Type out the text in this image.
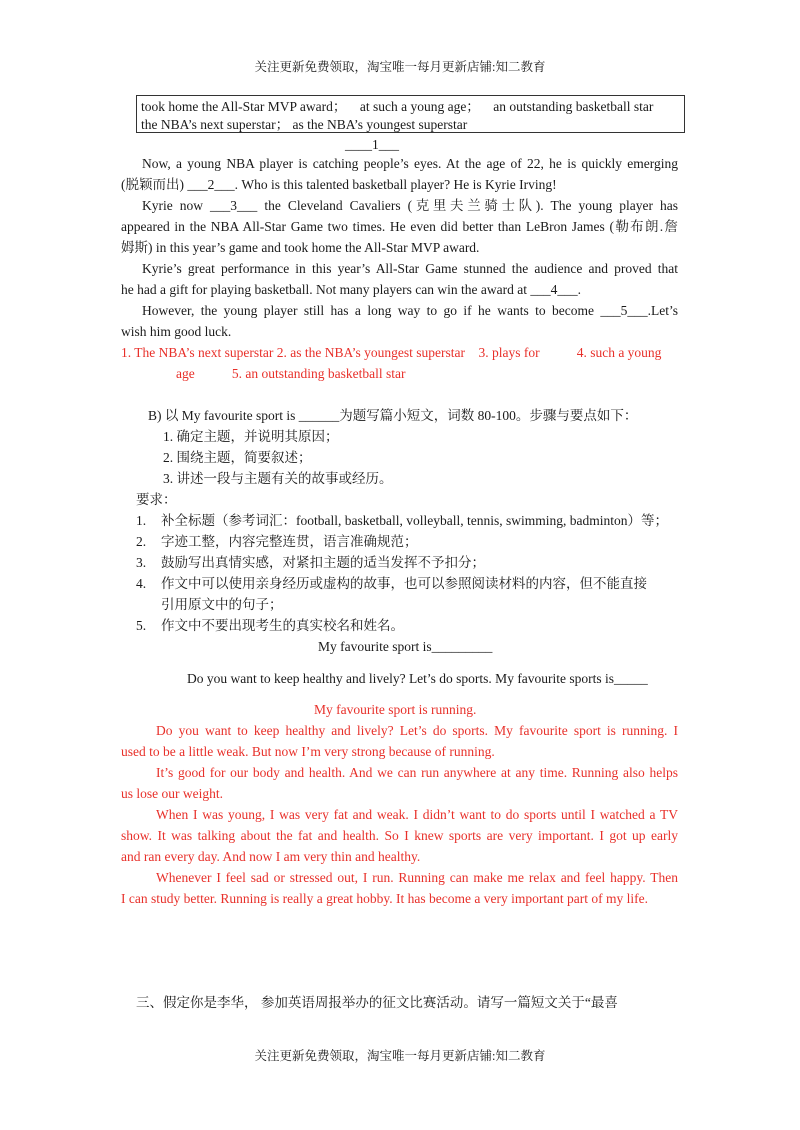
关注更新免费领取，淘宝唯一每月更新店铺:知二教育
took home the All-Star MVP award；    at such a young age；    an outstanding basketball star
the NBA’s next superstar； as the NBA’s youngest superstar
____1___
Now, a young NBA player is catching people’s eyes. At the age of 22, he is quickly emerging
(脱颖而出) ___2___. Who is this talented basketball player? He is Kyrie Irving!
Kyrie now ___3___ the Cleveland Cavaliers (克里夫兰骑士队). The young player has
appeared in the NBA All-Star Game two times. He even did better than LeBron James (勒布朗.詹
姆斯) in this year’s game and took home the All-Star MVP award.
Kyrie’s great performance in this year’s All-Star Game stunned the audience and proved that
he had a gift for playing basketball. Not many players can win the award at ___4___.
However, the young player still has a long way to go if he wants to become ___5___.Let’s
wish him good luck.
1. The NBA’s next superstar 2. as the NBA’s youngest superstar    3. plays for           4. such a young
age           5. an outstanding basketball star
B) 以 My favourite sport is ______为题写篇小短文，词数 80-100。步骤与要点如下：
1. 确定主题，并说明其原因；
2. 围绕主题，简要叙述；
3. 讲述一段与主题有关的故事或经历。
要求：
1. 补全标题（参考词汇：football, basketball, volleyball, tennis, swimming, badminton）等；
2. 字迹工整，内容完整连贯，语言准确规范；
3. 鼓励写出真情实感，对紧扣主题的适当发挥不予扣分；
4. 作文中可以使用亲身经历或虚构的故事，也可以参照阅读材料的内容，但不能直接
引用原文中的句子；
5. 作文中不要出现考生的真实校名和姓名。
My favourite sport is_________
Do you want to keep healthy and lively? Let’s do sports. My favourite sports is_____
My favourite sport is running.
Do you want to keep healthy and lively? Let’s do sports. My favourite sport is running. I
used to be a little weak. But now I’m very strong because of running.
It’s good for our body and health. And we can run anywhere at any time. Running also helps
us lose our weight.
When I was young, I was very fat and weak. I didn’t want to do sports until I watched a TV
show. It was talking about the fat and health. So I knew sports are very important. I got up early
and ran every day. And now I am very thin and healthy.
Whenever I feel sad or stressed out, I run. Running can make me relax and feel happy. Then
I can study better. Running is really a great hobby. It has become a very important part of my life.
三、假定你是李华， 参加英语周报举办的征文比赛活动。请写一篇短文关于“最喜
关注更新免费领取，淘宝唯一每月更新店铺:知二教育
